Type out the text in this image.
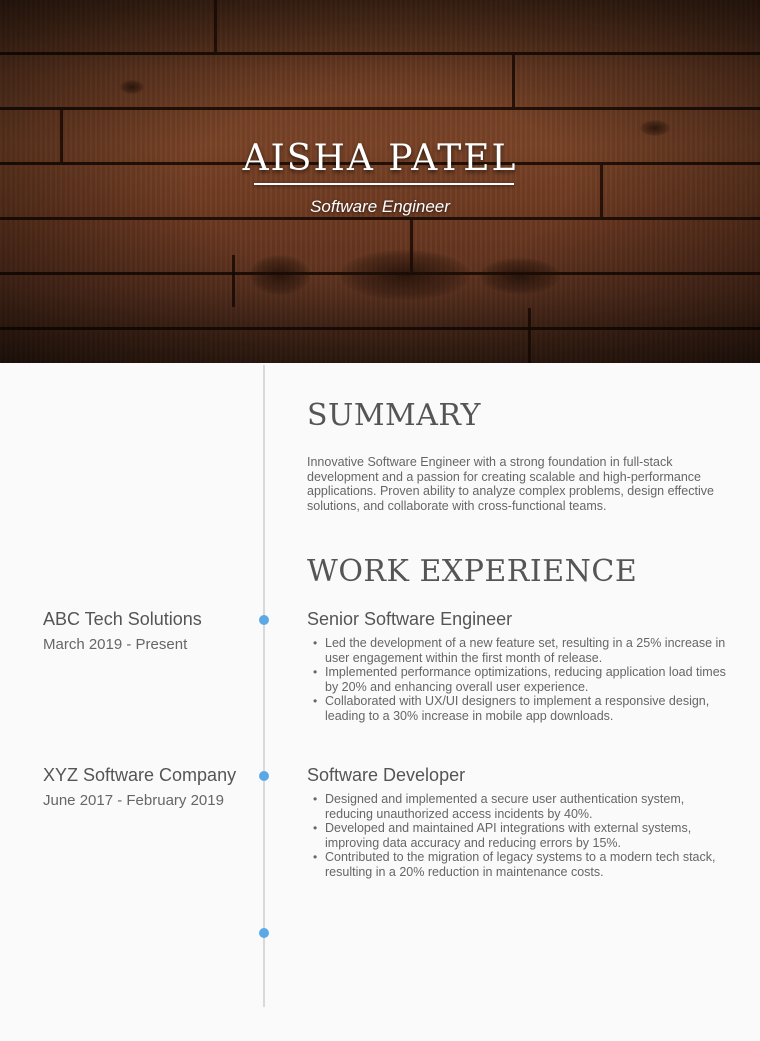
AISHA PATEL
Software Engineer
SUMMARY

Innovative Software Engineer with a strong foundation in full-stack development and a passion for creating scalable and high-performance applications. Proven ability to analyze complex problems, design effective solutions, and collaborate with cross-functional teams.

WORK EXPERIENCE
ABC Tech Solutions
March 2019 - Present
Senior Software Engineer
• Led the development of a new feature set, resulting in a 25% increase in user engagement within the first month of release.
• Implemented performance optimizations, reducing application load times by 20% and enhancing overall user experience.
• Collaborated with UX/UI designers to implement a responsive design, leading to a 30% increase in mobile app downloads.
XYZ Software Company
June 2017 - February 2019
Software Developer
• Designed and implemented a secure user authentication system, reducing unauthorized access incidents by 40%.
• Developed and maintained API integrations with external systems, improving data accuracy and reducing errors by 15%.
• Contributed to the migration of legacy systems to a modern tech stack, resulting in a 20% reduction in maintenance costs.
